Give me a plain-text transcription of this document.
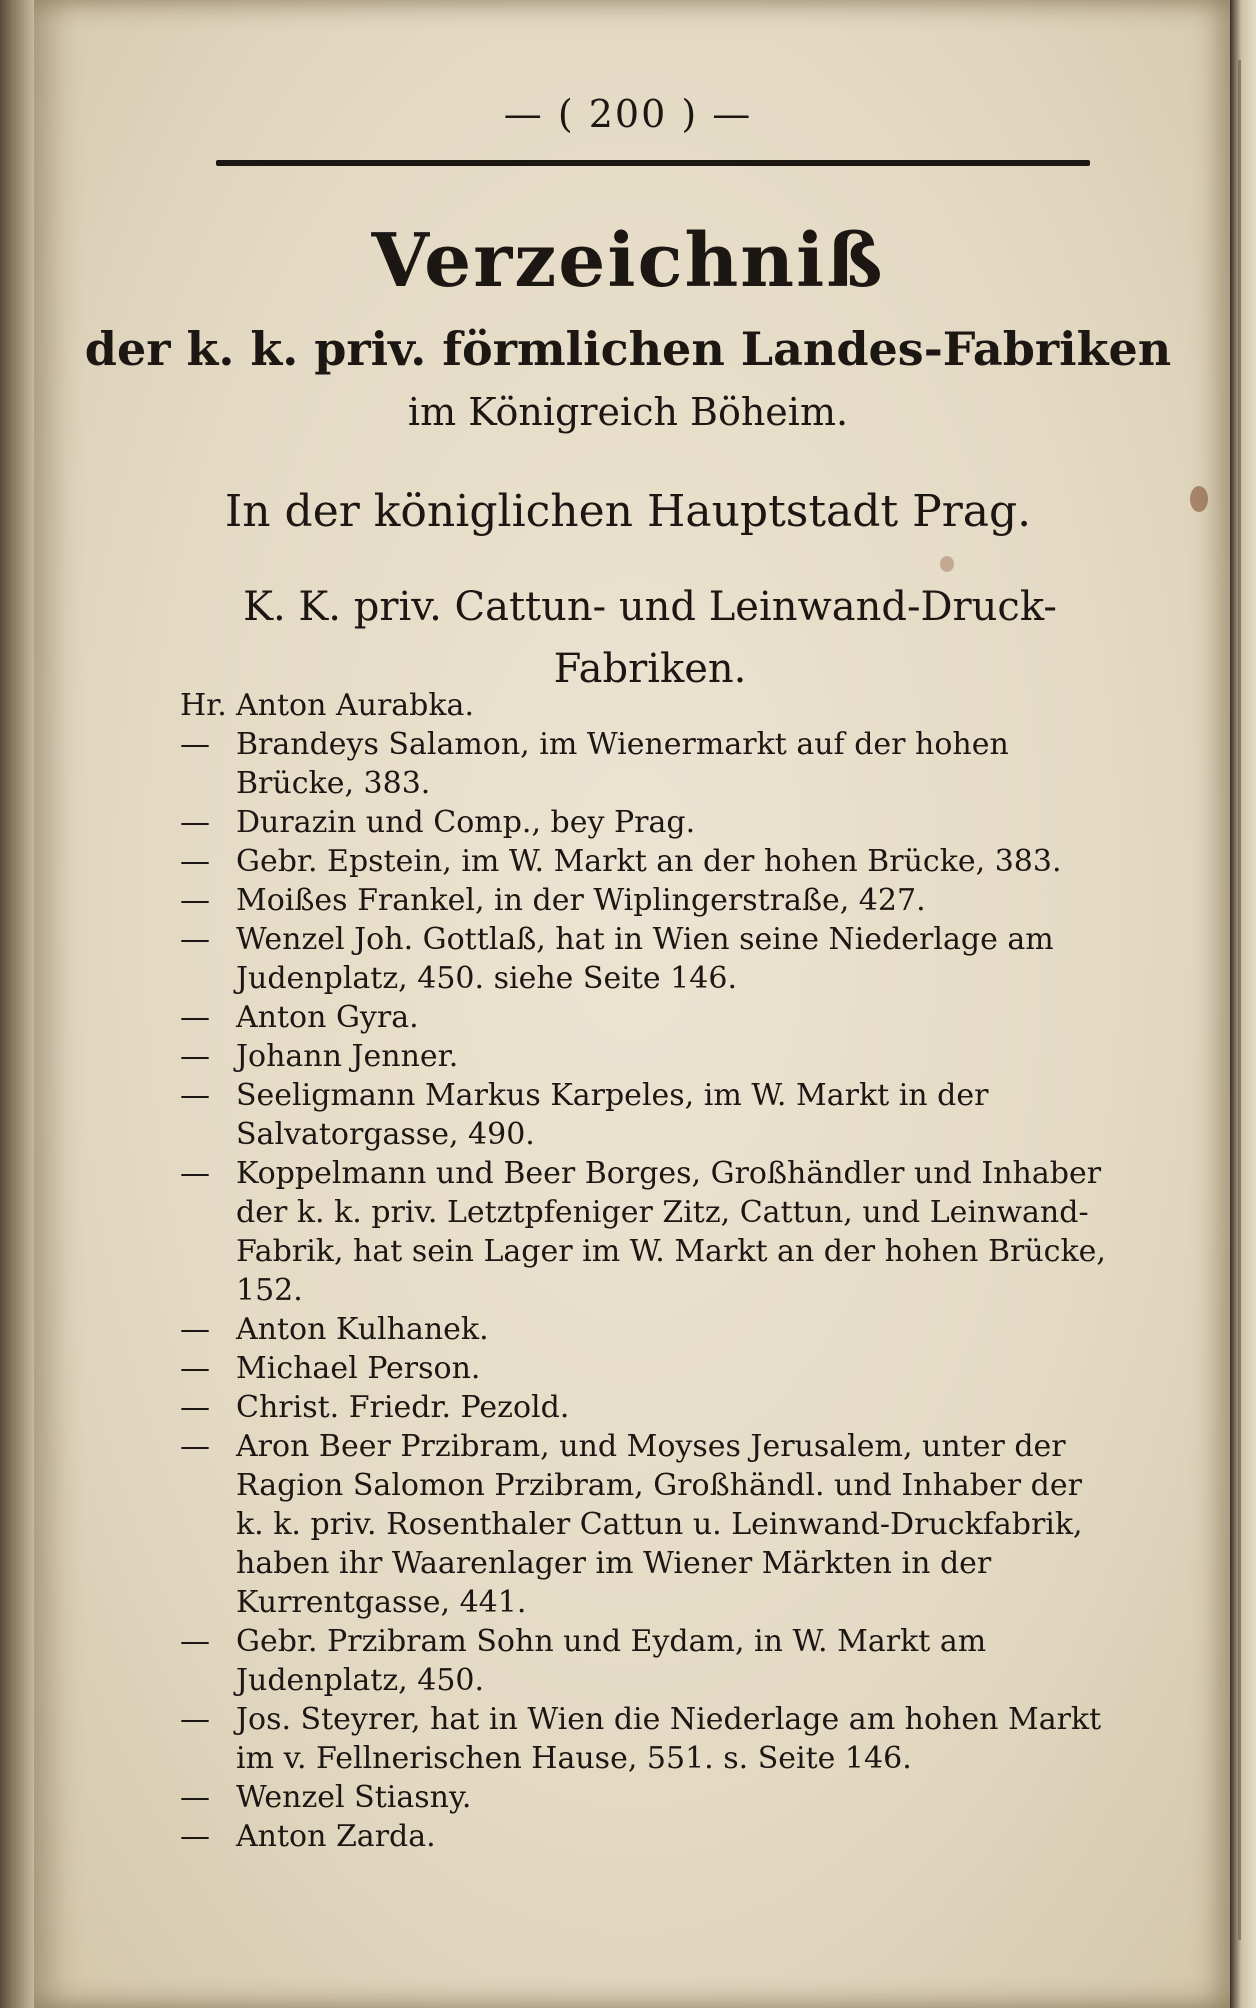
— ( 200 ) —
Verzeichniß
der k. k. priv. förmlichen Landes-Fabriken
im Königreich Böheim.
In der königlichen Hauptstadt Prag.
K. K. priv. Cattun- und Leinwand-Druck-Fabriken.
Hr. Anton Aurabka.
— Brandeys Salamon, im Wienermarkt auf der hohen Brücke, 383.
— Durazin und Comp., bey Prag.
— Gebr. Epstein, im W. Markt an der hohen Brücke, 383.
— Moißes Frankel, in der Wiplingerstraße, 427.
— Wenzel Joh. Gottlaß, hat in Wien seine Niederlage am Judenplatz, 450. siehe Seite 146.
— Anton Gyra.
— Johann Jenner.
— Seeligmann Markus Karpeles, im W. Markt in der Salvatorgasse, 490.
— Koppelmann und Beer Borges, Großhändler und Inhaber der k. k. priv. Letztpfeniger Zitz, Cattun, und Leinwand-Fabrik, hat sein Lager im W. Markt an der hohen Brücke, 152.
— Anton Kulhanek.
— Michael Person.
— Christ. Friedr. Pezold.
— Aron Beer Przibram, und Moyses Jerusalem, unter der Ragion Salomon Przibram, Großhändl. und Inhaber der k. k. priv. Rosenthaler Cattun u. Leinwand-Druckfabrik, haben ihr Waarenlager im Wiener Märkten in der Kurrentgasse, 441.
— Gebr. Przibram Sohn und Eydam, in W. Markt am Judenplatz, 450.
— Jos. Steyrer, hat in Wien die Niederlage am hohen Markt im v. Fellnerischen Hause, 551. s. Seite 146.
— Wenzel Stiasny.
— Anton Zarda.
